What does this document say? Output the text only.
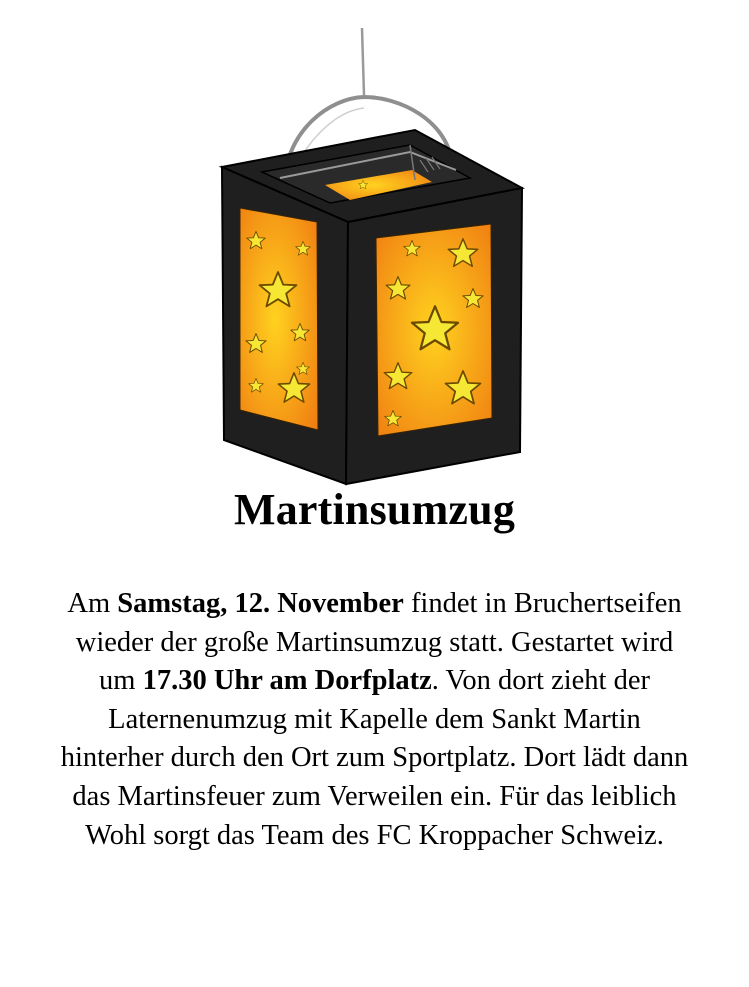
Martinsumzug

Am Samstag, 12. November findet in Bruchertseifen wieder der große Martinsumzug statt. Gestartet wird um 17.30 Uhr am Dorfplatz. Von dort zieht der Laternenumzug mit Kapelle dem Sankt Martin hinterher durch den Ort zum Sportplatz. Dort lädt dann das Martinsfeuer zum Verweilen ein. Für das leiblich Wohl sorgt das Team des FC Kroppacher Schweiz.
